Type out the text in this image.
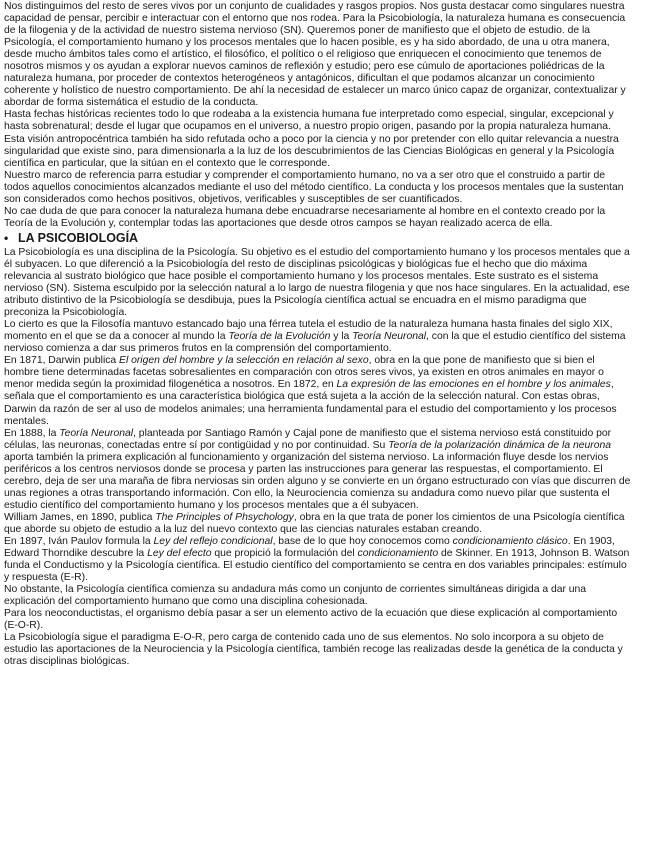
Nos distinguimos del resto de seres vivos por un conjunto de cualidades y rasgos propios. Nos gusta destacar como singulares nuestra capacidad de pensar, percibir e interactuar con el entorno que nos rodea. Para la Psicobiología, la naturaleza humana es consecuencia de la filogenia y de la actividad de nuestro sistema nervioso (SN). Queremos poner de manifiesto que el objeto de estudio. de la Psicología, el comportamiento humano y los procesos mentales que lo hacen posible, es y ha sido abordado, de una u otra manera, desde mucho ámbitos tales como el artístico, el filosófico, el político o el religioso que enriquecen el conocimiento que tenemos de nosotros mismos y os ayudan a explorar nuevos caminos de reflexión y estudio; pero ese cúmulo de aportaciones poliédricas de la naturaleza humana, por proceder de contextos heterogéneos y antagónicos, dificultan el que podamos alcanzar un conocimiento coherente y holístico de nuestro comportamiento. De ahí la necesidad de estalecer un marco único capaz de organizar, contextualizar y abordar de forma sistemática el estudio de la conducta.

Hasta fechas históricas recientes todo lo que rodeaba a la existencia humana fue interpretado como especial, singular, excepcional y hasta sobrenatural; desde el lugar que ocupamos en el universo, a nuestro propio origen, pasando por la propia naturaleza humana. Esta visión antropocéntrica también ha sido refutada ocho a poco por la ciencia y no por pretender con ello quitar relevancia a nuestra singularidad que existe sino, para dimensionarla a la luz de los descubrimientos de las Ciencias Biológicas en general y la Psicología científica en particular, que la sitúan en el contexto que le corresponde.

Nuestro marco de referencia parra estudiar y comprender el comportamiento humano, no va a ser otro que el construido a partir de todos aquellos conocimientos alcanzados mediante el uso del método científico. La conducta y los procesos mentales que la sustentan son considerados como hechos positivos, objetivos, verificables y susceptibles de ser cuantificados.

No cae duda de que para conocer la naturaleza humana debe encuadrarse necesariamente al hombre en el contexto creado por la Teoría de la Evolución y, contemplar todas las aportaciones que desde otros campos se hayan realizado acerca de ella.

• LA PSICOBIOLOGÍA

La Psicobiología es una disciplina de la Psicología. Su objetivo es el estudio del comportamiento humano y los procesos mentales que a él subyacen. Lo que diferenció a la Psicobiología del resto de disciplinas psicológicas y biológicas fue el hecho que dio máxima relevancia al sustrato biológico que hace posible el comportamiento humano y los procesos mentales. Este sustrato es el sistema nervioso (SN). Sistema esculpido por la selección natural a lo largo de nuestra filogenia y que nos hace singulares. En la actualidad, ese atributo distintivo de la Psicobiología se desdibuja, pues la Psicología científica actual se encuadra en el mismo paradigma que preconiza la Psicobiología.

Lo cierto es que la Filosofía mantuvo estancado bajo una férrea tutela el estudio de la naturaleza humana hasta finales del siglo XIX, momento en el que se da a conocer al mundo la Teoría de la Evolución y la Teoría Neuronal, con la que el estudio científico del sistema nervioso comienza a dar sus primeros frutos en la comprensión del comportamiento.

En 1871, Darwin publica El origen del hombre y la selección en relación al sexo, obra en la que pone de manifiesto que si bien el hombre tiene determinadas facetas sobresalientes en comparación con otros seres vivos, ya existen en otros animales en mayor o menor medida según la proximidad filogenética a nosotros. En 1872, en La expresión de las emociones en el hombre y los animales, señala que el comportamiento es una característica biológica que está sujeta a la acción de la selección natural. Con estas obras, Darwin da razón de ser al uso de modelos animales; una herramienta fundamental para el estudio del comportamiento y los procesos mentales.

En 1888, la Teoría Neuronal, planteada por Santiago Ramón y Cajal pone de manifiesto que el sistema nervioso está constituido por células, las neuronas, conectadas entre sí por contigüidad y no por continuidad. Su Teoría de la polarización dinámica de la neurona aporta también la primera explicación al funcionamiento y organización del sistema nervioso. La información fluye desde los nervios periféricos a los centros nerviosos donde se procesa y parten las instrucciones para generar las respuestas, el comportamiento. El cerebro, deja de ser una maraña de fibra nerviosas sin orden alguno y se convierte en un órgano estructurado con vías que discurren de unas regiones a otras transportando información. Con ello, la Neurociencia comienza su andadura como nuevo pilar que sustenta el estudio científico del comportamiento humano y los procesos mentales que a él subyacen.

William James, en 1890, publica The Principles of Phsychology, obra en la que trata de poner los cimientos de una Psicología científica que aborde su objeto de estudio a la luz del nuevo contexto que las ciencias naturales estaban creando.

En 1897, Iván Paulov formula la Ley del reflejo condicional, base de lo que hoy conocemos como condicionamiento clásico. En 1903, Edward Thorndike descubre la Ley del efecto que propició la formulación del condicionamiento de Skinner. En 1913, Johnson B. Watson funda el Conductismo y la Psicología científica. El estudio científico del comportamiento se centra en dos variables principales: estímulo y respuesta (E-R).

No obstante, la Psicología científica comienza su andadura más como un conjunto de corrientes simultáneas dirigida a dar una explicación del comportamiento humano que como una disciplina cohesionada.

Para los neoconductistas, el organismo debía pasar a ser un elemento activo de la ecuación que diese explicación al comportamiento (E-O-R).

La Psicobiología sigue el paradigma E-O-R, pero carga de contenido cada uno de sus elementos. No solo incorpora a su objeto de estudio las aportaciones de la Neurociencia y la Psicología científica, también recoge las realizadas desde la genética de la conducta y otras disciplinas biológicas.
